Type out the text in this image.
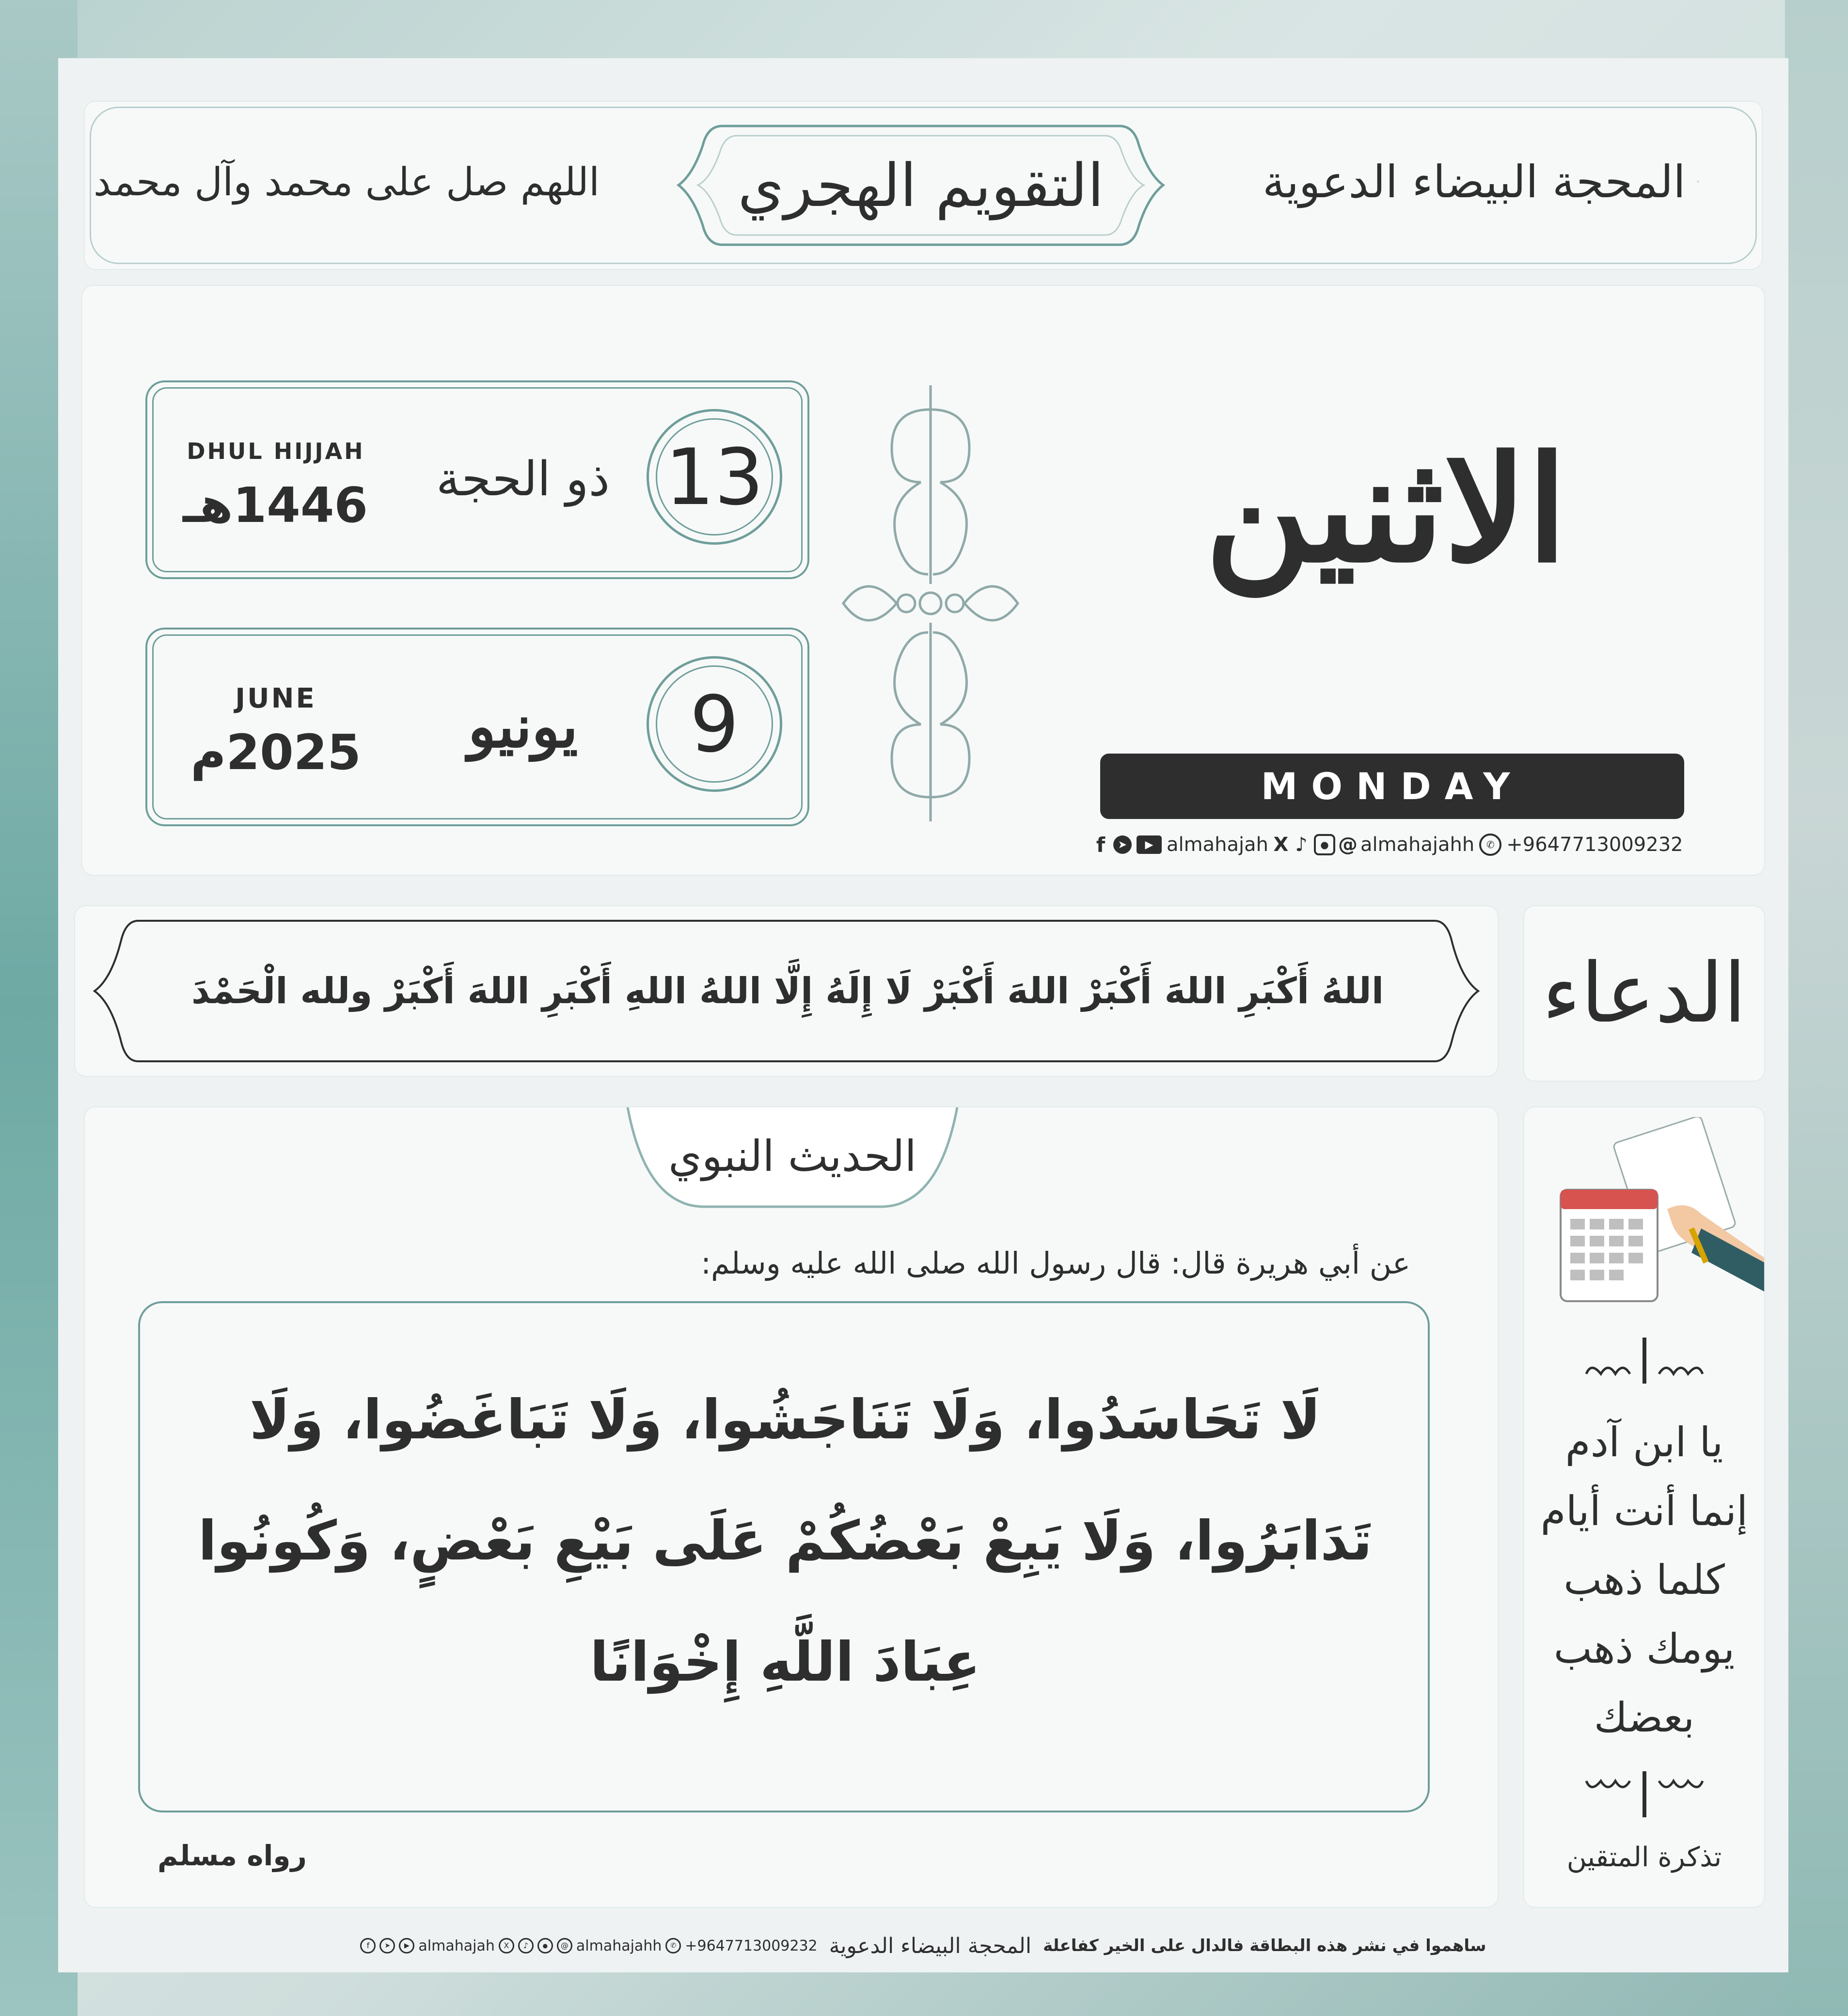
المحجة البيضاء الدعوية
التقويم الهجري
اللهم صل على محمد وآل محمد
13
ذو الحجة
DHUL HIJJAH
1446هـ
9
يونيو
JUNE
2025م
الاثنين
MONDAY
f	➤	▶ almahajah X ♪	● @ almahajahh	✆ +9647713009232
الدعاء
اللهُ أَكْبَرِ اللهَ أَكْبَرْ اللهَ أَكْبَرْ لَا إِلَهُ إِلَّا اللهُ اللهِ أَكْبَرِ اللهَ أَكْبَرْ ولله الْحَمْدَ
الحديث النبوي
عن أبي هريرة قال: قال رسول الله صلى الله عليه وسلم:
لَا تَحَاسَدُوا، وَلَا تَنَاجَشُوا، وَلَا تَبَاغَضُوا، وَلَا
تَدَابَرُوا، وَلَا يَبِعْ بَعْضُكُمْ عَلَى بَيْعِ بَعْضٍ، وَكُونُوا
عِبَادَ اللَّهِ إِخْوَانًا
رواه مسلم
يا ابن آدم
إنما أنت أيام
كلما ذهب
يومك ذهب
بعضك
تذكرة المتقين
ساهموا في نشر هذه البطاقة فالدال على الخير كفاعلة
المحجة البيضاء الدعوية
f	➤	▶ almahajah	X	♪	●	@ almahajahh	✆ +9647713009232
